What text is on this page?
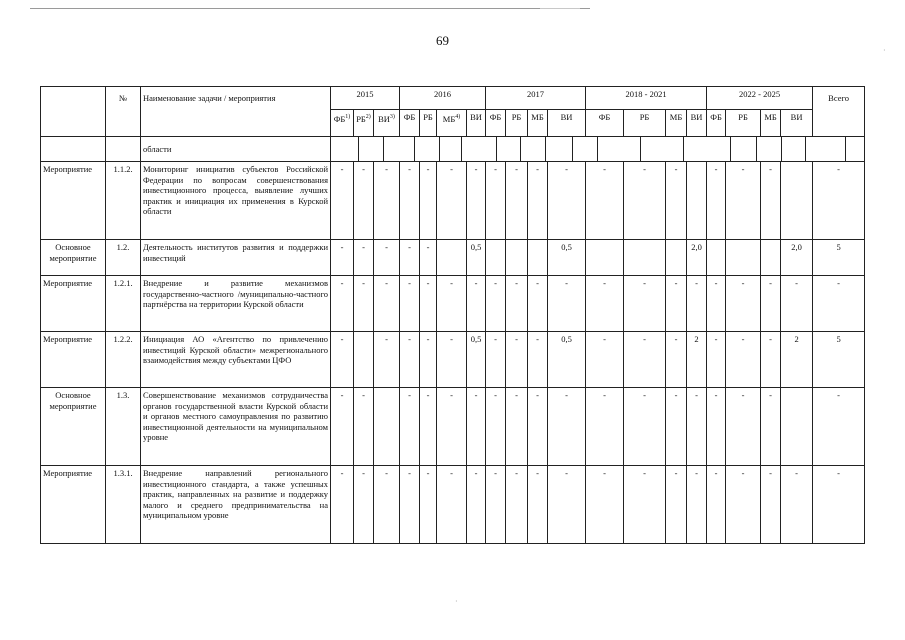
69
·
·
	№	Наименование задачи / мероприятия	2015	2016	2017	2018 - 2021	2022 - 2025	Всего
ФБ$^{1)}$	РБ$^{2)}$	ВИ$^{3)}$	ФБ	РБ	МБ$^{4)}$	ВИ	ФБ	РБ	МБ	ВИ	ФБ	РБ	МБ	ВИ	ФБ	РБ	МБ	ВИ
		области	

Мероприятие	1.1.2.	Мониторинг инициатив субъектов Российской Федерации по вопросам совершенствования инвестиционного процесса, выявление лучших практик и инициация их применения в Курской области	-	-	-	-	-	-	-	-	-	-	-	-	-	-		-	-	-		-
Основное мероприятие	1.2.	Деятельность институтов развития и поддержки инвестиций	-	-	-	-	-		0,5				0,5				2,0				2,0	5
Мероприятие	1.2.1.	Внедрение и развитие механизмов государственно-частного /муниципально-частного партнёрства на территории Курской области	-	-	-	-	-	-	-	-	-	-	-	-	-	-	-	-	-	-	-	-
Мероприятие	1.2.2.	Инициация АО «Агентство по привлечению инвестиций Курской области» межрегионального взаимодействия между субъектами ЦФО	-		-	-	-	-	0,5	-	-	-	0,5	-	-	-	2	-	-	-	2	5
Основное мероприятие	1.3.	Совершенствование механизмов сотрудничества органов государственной власти Курской области и органов местного самоуправления по развитию инвестиционной деятельности на муниципальном уровне	-	-		-	-	-	-	-	-	-	-	-	-	-	-	-	-	-		-
Мероприятие	1.3.1.	Внедрение направлений регионального инвестиционного стандарта, а также успешных практик, направленных на развитие и поддержку малого и среднего предпринимательства на муниципальном уровне	-	-	-	-	-	-	-	-	-	-	-	-	-	-	-	-	-	-	-	-
